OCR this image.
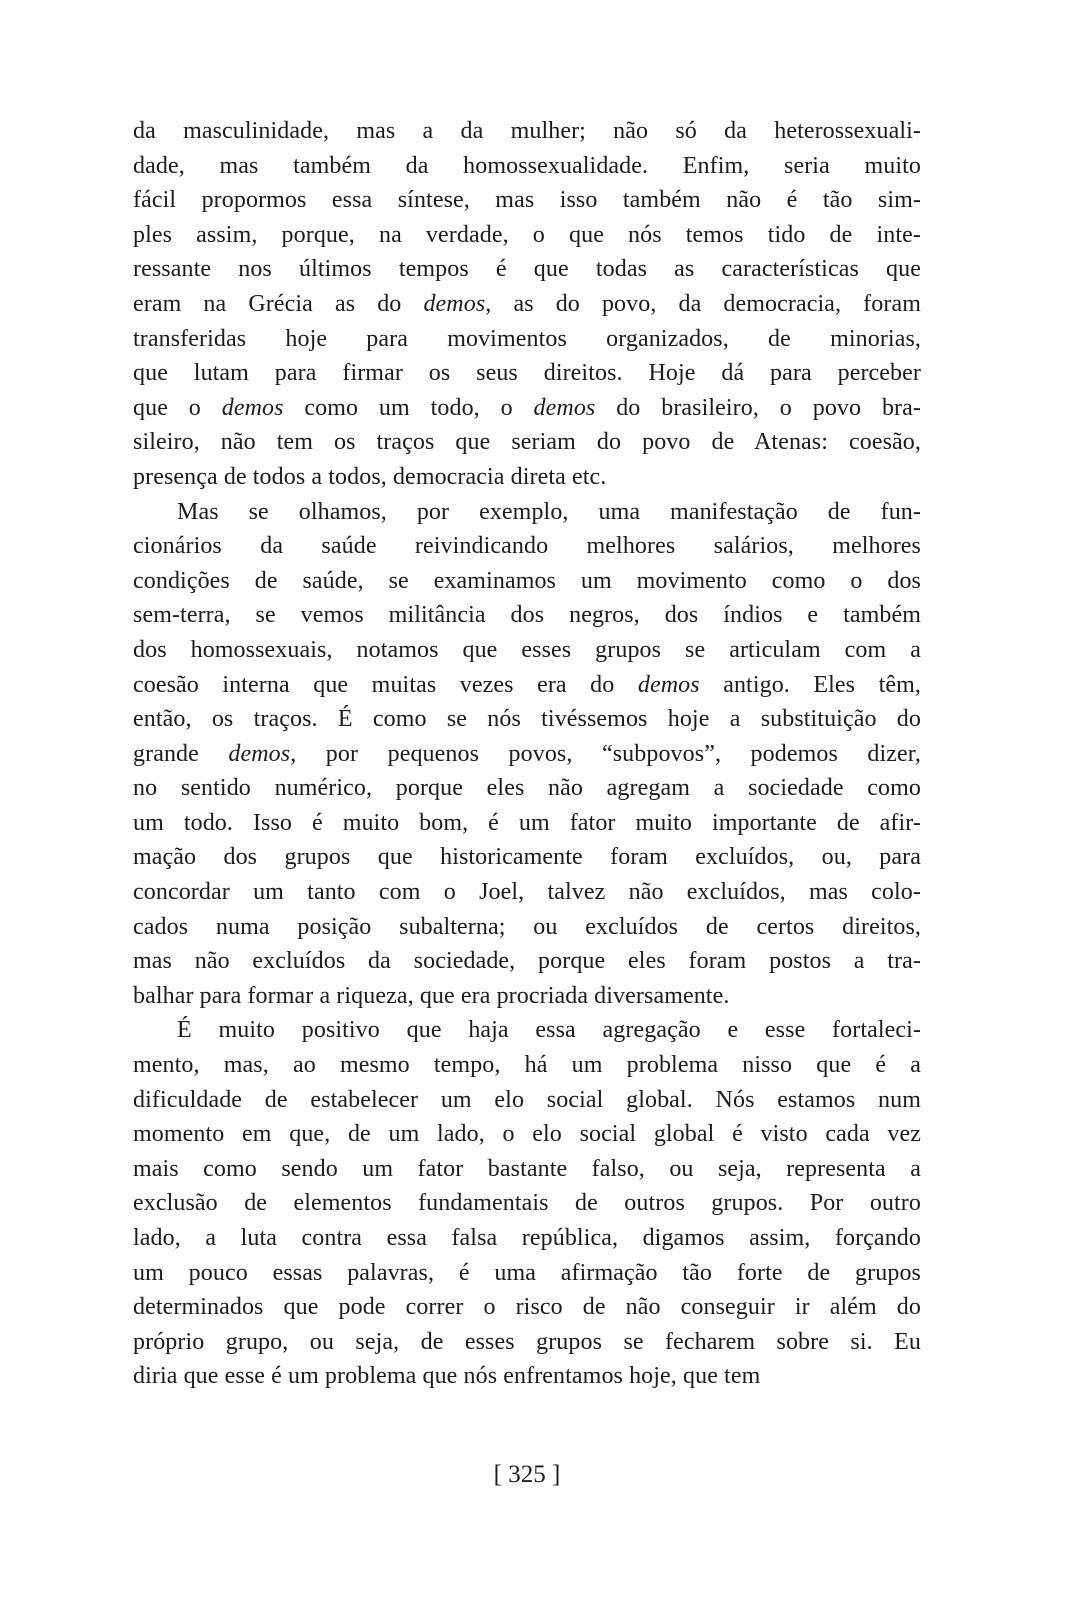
da masculinidade, mas a da mulher; não só da heterossexuali-
dade, mas também da homossexualidade. Enfim, seria muito
fácil propormos essa síntese, mas isso também não é tão sim-
ples assim, porque, na verdade, o que nós temos tido de inte-
ressante nos últimos tempos é que todas as características que
eram na Grécia as do demos, as do povo, da democracia, foram
transferidas hoje para movimentos organizados, de minorias,
que lutam para firmar os seus direitos. Hoje dá para perceber
que o demos como um todo, o demos do brasileiro, o povo bra-
sileiro, não tem os traços que seriam do povo de Atenas: coesão,
presença de todos a todos, democracia direta etc.
Mas se olhamos, por exemplo, uma manifestação de fun-
cionários da saúde reivindicando melhores salários, melhores
condições de saúde, se examinamos um movimento como o dos
sem-terra, se vemos militância dos negros, dos índios e também
dos homossexuais, notamos que esses grupos se articulam com a
coesão interna que muitas vezes era do demos antigo. Eles têm,
então, os traços. É como se nós tivéssemos hoje a substituição do
grande demos, por pequenos povos, “subpovos”, podemos dizer,
no sentido numérico, porque eles não agregam a sociedade como
um todo. Isso é muito bom, é um fator muito importante de afir-
mação dos grupos que historicamente foram excluídos, ou, para
concordar um tanto com o Joel, talvez não excluídos, mas colo-
cados numa posição subalterna; ou excluídos de certos direitos,
mas não excluídos da sociedade, porque eles foram postos a tra-
balhar para formar a riqueza, que era procriada diversamente.
É muito positivo que haja essa agregação e esse fortaleci-
mento, mas, ao mesmo tempo, há um problema nisso que é a
dificuldade de estabelecer um elo social global. Nós estamos num
momento em que, de um lado, o elo social global é visto cada vez
mais como sendo um fator bastante falso, ou seja, representa a
exclusão de elementos fundamentais de outros grupos. Por outro
lado, a luta contra essa falsa república, digamos assim, forçando
um pouco essas palavras, é uma afirmação tão forte de grupos
determinados que pode correr o risco de não conseguir ir além do
próprio grupo, ou seja, de esses grupos se fecharem sobre si. Eu
diria que esse é um problema que nós enfrentamos hoje, que tem
[ 325 ]
